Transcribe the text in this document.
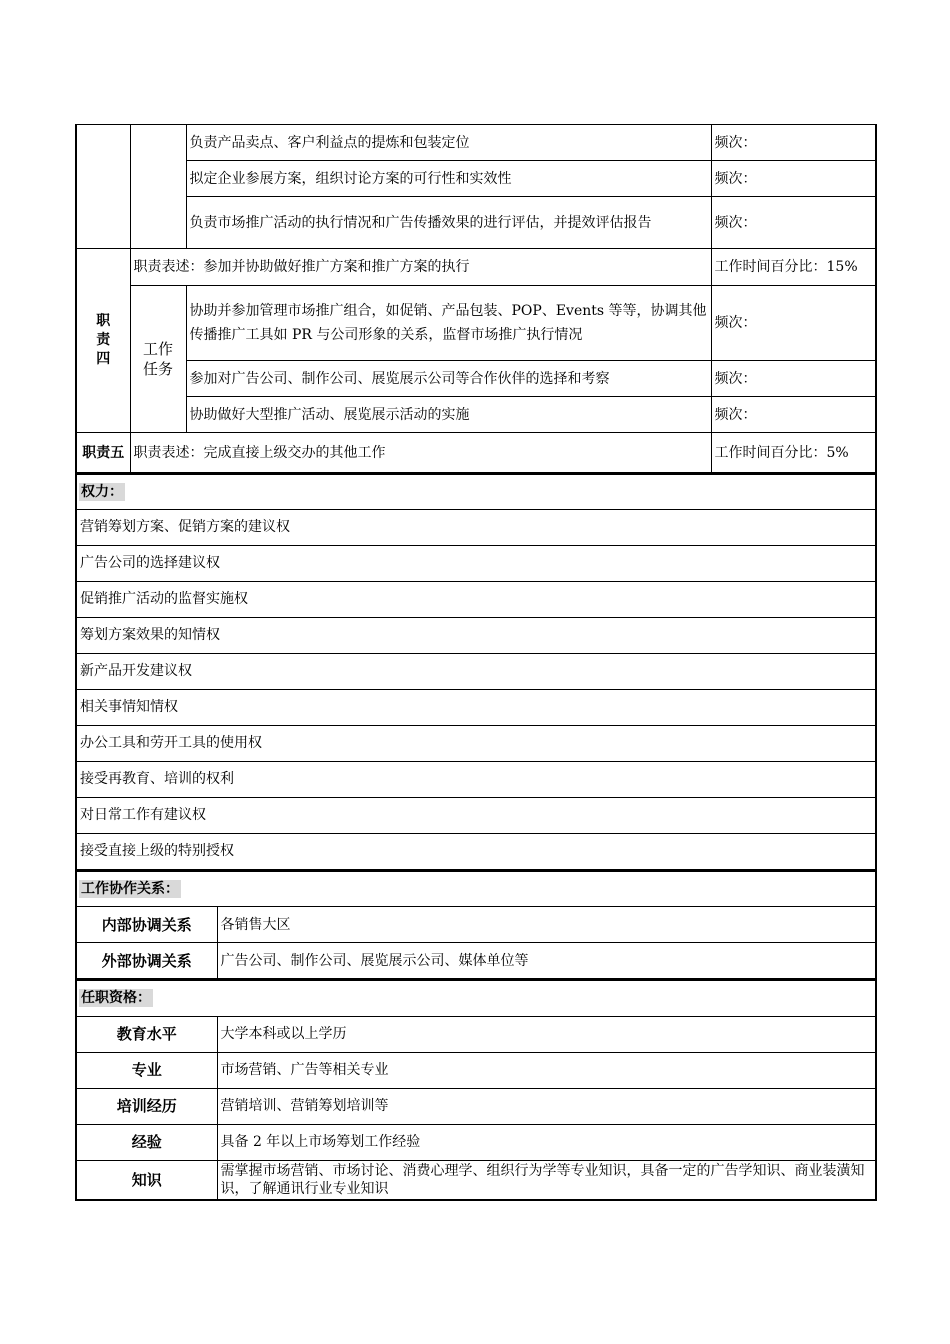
		负责产品卖点、客户利益点的提炼和包装定位	频次：
		拟定企业参展方案，组织讨论方案的可行性和实效性	频次：
		负责市场推广活动的执行情况和广告传播效果的进行评估，并提效评估报告	频次：

职责四	职责表述：参加并协助做好推广方案和推广方案的执行		工作时间百分比：15%

	工作任务	协助并参加管理市场推广组合，如促销、产品包装、POP、Events 等等，协调其他传播推广工具如 PR 与公司形象的关系，监督市场推广执行情况	频次：
		参加对广告公司、制作公司、展览展示公司等合作伙伴的选择和考察	频次：
		协助做好大型推广活动、展览展示活动的实施	频次：

职责五	职责表述：完成直接上级交办的其他工作		工作时间百分比：5%
权力：
营销筹划方案、促销方案的建议权
广告公司的选择建议权
促销推广活动的监督实施权
筹划方案效果的知情权
新产品开发建议权
相关事情知情权
办公工具和劳开工具的使用权
接受再教育、培训的权利
对日常工作有建议权
接受直接上级的特别授权
工作协作关系：	
内部协调关系	各销售大区
外部协调关系	广告公司、制作公司、展览展示公司、媒体单位等
任职资格：	
教育水平	大学本科或以上学历
专业	市场营销、广告等相关专业
培训经历	营销培训、营销筹划培训等
经验	具备 2 年以上市场筹划工作经验
知识	需掌握市场营销、市场讨论、消费心理学、组织行为学等专业知识，具备一定的广告学知识、商业装潢知识，了解通讯行业专业知识
